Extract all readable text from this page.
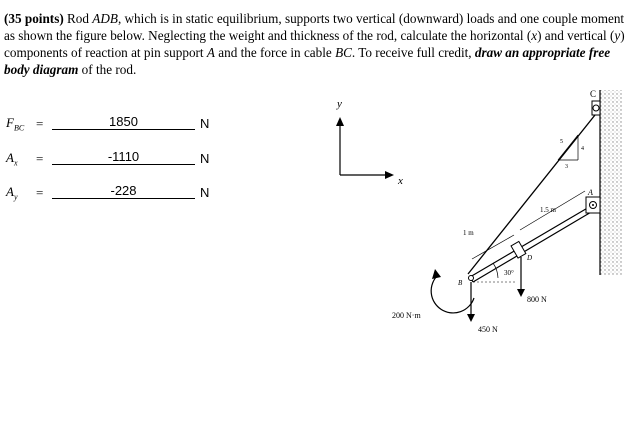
(35 points) Rod ADB, which is in static equilibrium, supports two vertical (downward) loads and one couple moment as shown the figure below. Neglecting the weight and thickness of the rod, calculate the horizontal (x) and vertical (y) components of reaction at pin support A and the force in cable BC. To receive full credit, draw an appropriate free body diagram of the rod.
$F_{BC}$ =	1850	N
$A_x$ =	-1110	N
$A_y$ =	-228	N
y
x
C
5
4
3
A
D
B
1 m
1.5 m
30°
800 N
450 N
200 N·m
